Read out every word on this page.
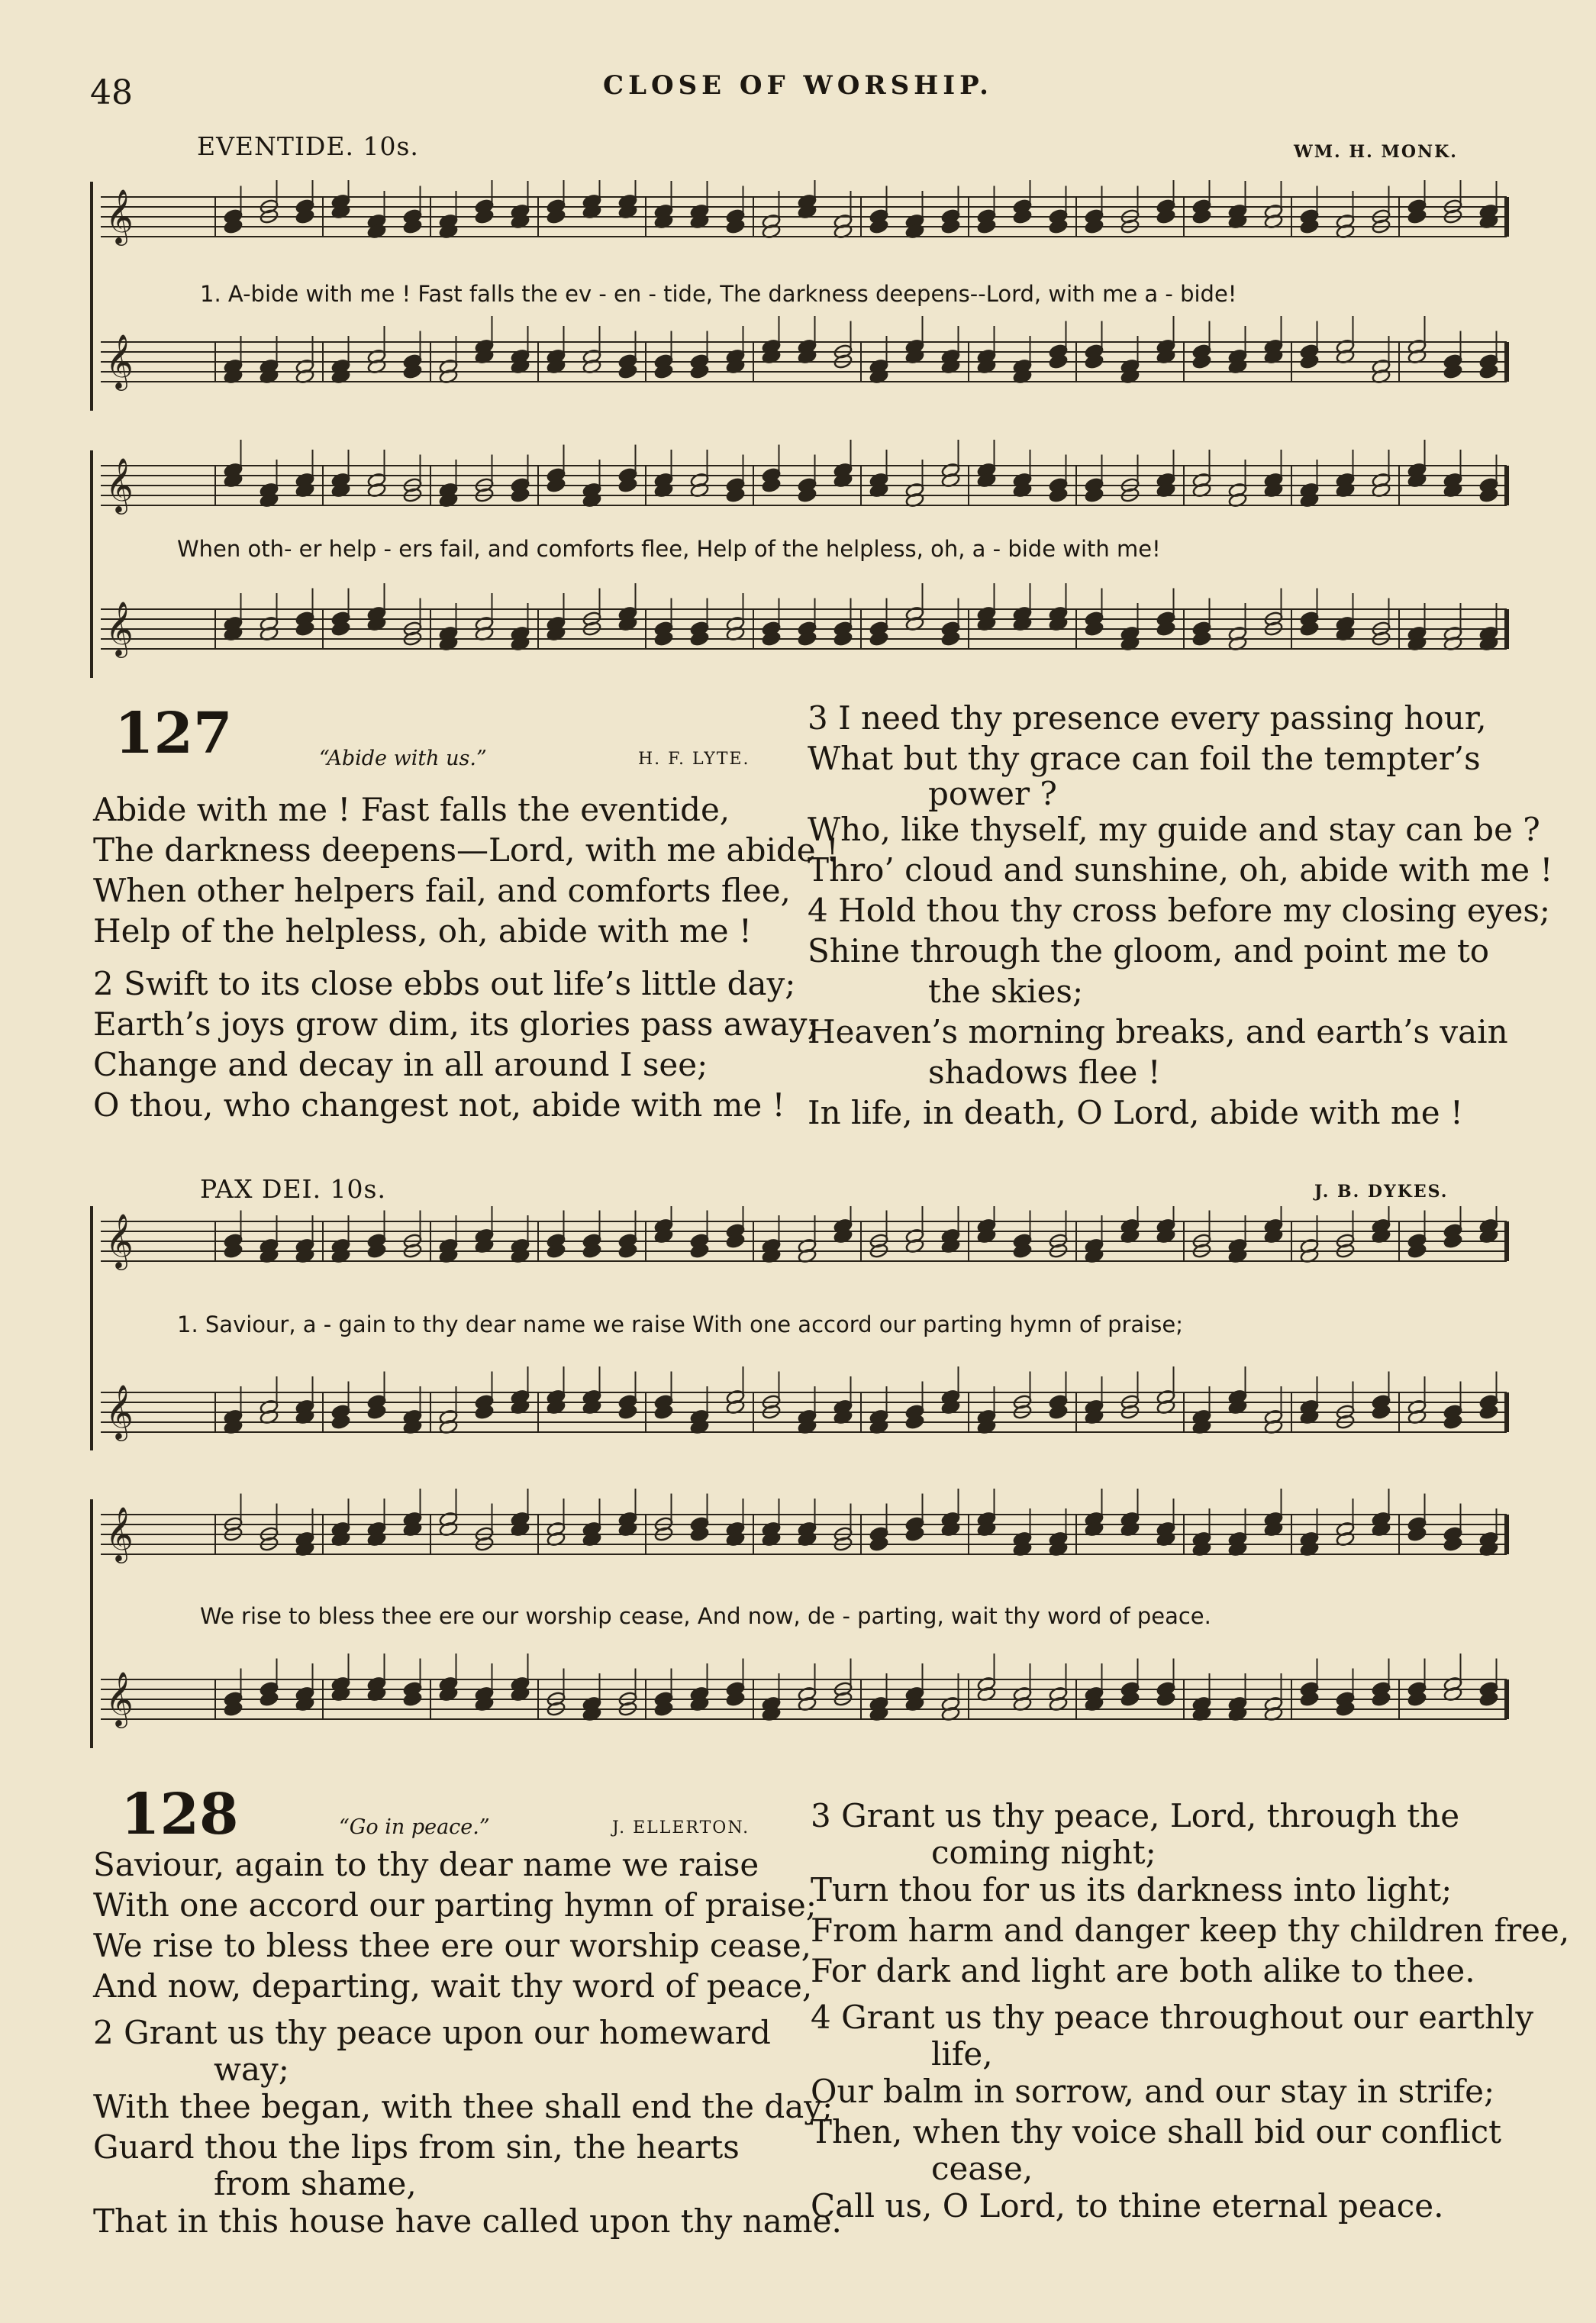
48	CLOSE OF WORSHIP.
EVENTIDE. 10s.	WM. H. MONK.
𝄞
𝄞
1. A-bide with me ! Fast falls the ev - en - tide, The darkness deepens--Lord, with me a - bide!
𝄞
𝄞
When oth- er help - ers fail, and comforts flee, Help of the helpless, oh, a - bide with me!
127	“Abide with us.”	H. F. LYTE.
Abide with me ! Fast falls the eventide,
The darkness deepens—Lord, with me abide !
When other helpers fail, and comforts flee,
Help of the helpless, oh, abide with me !
2 Swift to its close ebbs out life’s little day;
Earth’s joys grow dim, its glories pass away;
Change and decay in all around I see;
O thou, who changest not, abide with me !
3 I need thy presence every passing hour,
What but thy grace can foil the tempter’s
power ?
Who, like thyself, my guide and stay can be ?
Thro’ cloud and sunshine, oh, abide with me !
4 Hold thou thy cross before my closing eyes;
Shine through the gloom, and point me to
the skies;
Heaven’s morning breaks, and earth’s vain
shadows flee !
In life, in death, O Lord, abide with me !
PAX DEI. 10s.	J. B. DYKES.
𝄞
𝄞
1. Saviour, a - gain to thy dear name we raise With one accord our parting hymn of praise;
𝄞
𝄞
We rise to bless thee ere our worship cease, And now, de - parting, wait thy word of peace.
128	“Go in peace.”	J. ELLERTON.
Saviour, again to thy dear name we raise
With one accord our parting hymn of praise;
We rise to bless thee ere our worship cease,
And now, departing, wait thy word of peace,
2 Grant us thy peace upon our homeward
way;
With thee began, with thee shall end the day;
Guard thou the lips from sin, the hearts
from shame,
That in this house have called upon thy name.
3 Grant us thy peace, Lord, through the
coming night;
Turn thou for us its darkness into light;
From harm and danger keep thy children free,
For dark and light are both alike to thee.
4 Grant us thy peace throughout our earthly
life,
Our balm in sorrow, and our stay in strife;
Then, when thy voice shall bid our conflict
cease,
Call us, O Lord, to thine eternal peace.
